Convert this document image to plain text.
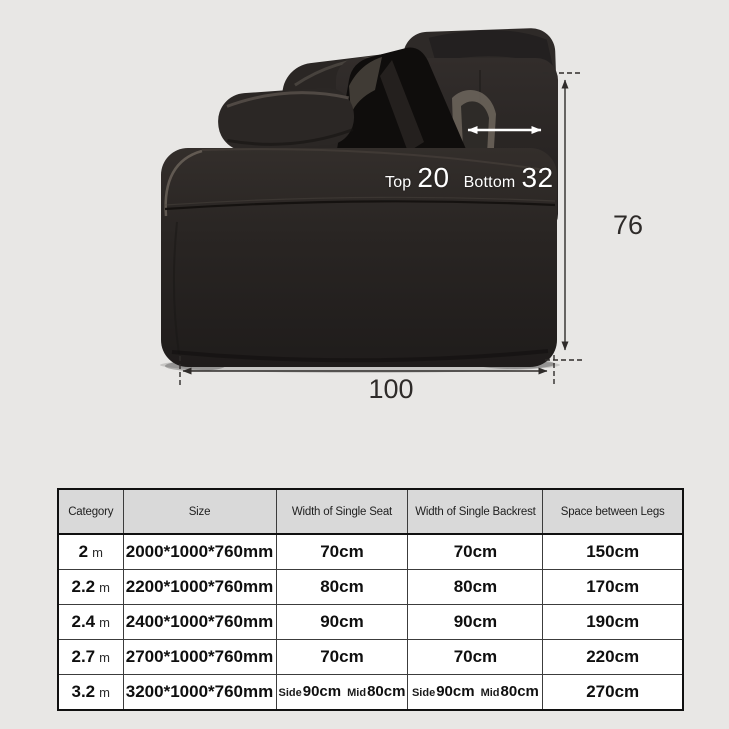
Top 20 Bottom 32
76
100
Category	Size	Width of Single Seat	Width of Single Backrest	Space between Legs
2 m	2000*1000*760mm	70cm	70cm	150cm
2.2 m	2200*1000*760mm	80cm	80cm	170cm
2.4 m	2400*1000*760mm	90cm	90cm	190cm
2.7 m	2700*1000*760mm	70cm	70cm	220cm
3.2 m	3200*1000*760mm	Side90cm Mid80cm	Side90cm Mid80cm	270cm
